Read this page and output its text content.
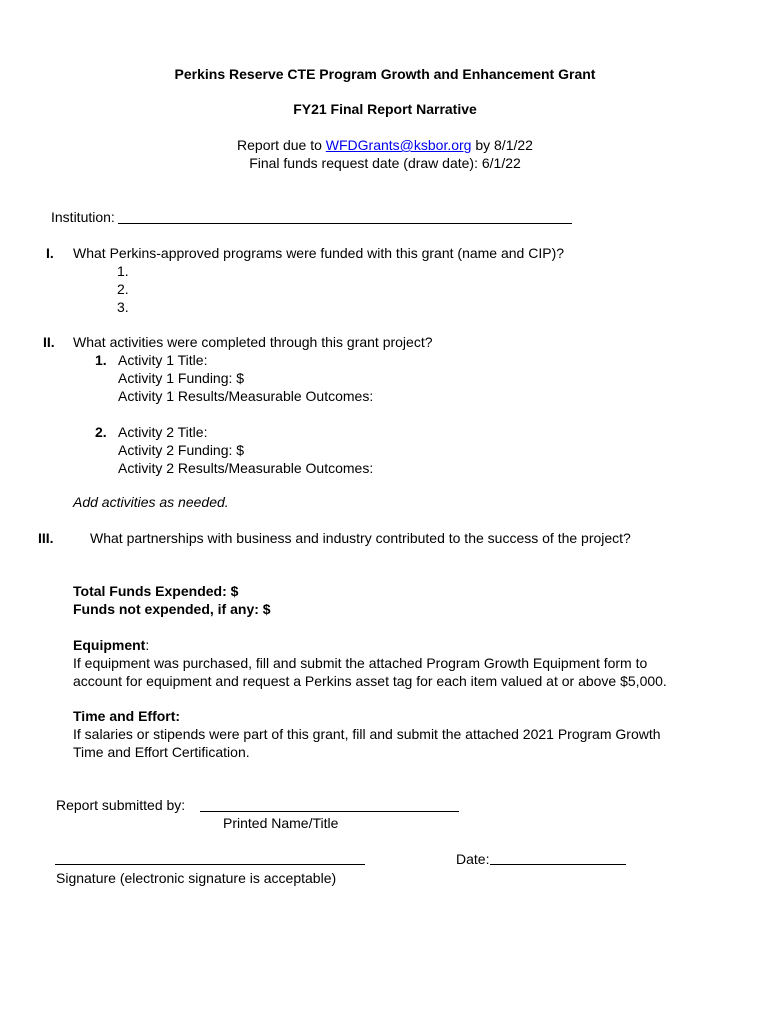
Perkins Reserve CTE Program Growth and Enhancement Grant
FY21 Final Report Narrative
Report due to WFDGrants@ksbor.org by 8/1/22
Final funds request date (draw date): 6/1/22
Institution:
I. What Perkins-approved programs were funded with this grant (name and CIP)?
1.
2.
3.
II. What activities were completed through this grant project?
1. Activity 1 Title:
Activity 1 Funding: $
Activity 1 Results/Measurable Outcomes:
2. Activity 2 Title:
Activity 2 Funding: $
Activity 2 Results/Measurable Outcomes:
Add activities as needed.
III.	What partnerships with business and industry contributed to the success of the project?
Total Funds Expended: $
Funds not expended, if any: $
Equipment:
If equipment was purchased, fill and submit the attached Program Growth Equipment form to
account for equipment and request a Perkins asset tag for each item valued at or above $5,000.
Time and Effort:
If salaries or stipends were part of this grant, fill and submit the attached 2021 Program Growth
Time and Effort Certification.
Report submitted by:
Printed Name/Title
Date:
Signature (electronic signature is acceptable)
